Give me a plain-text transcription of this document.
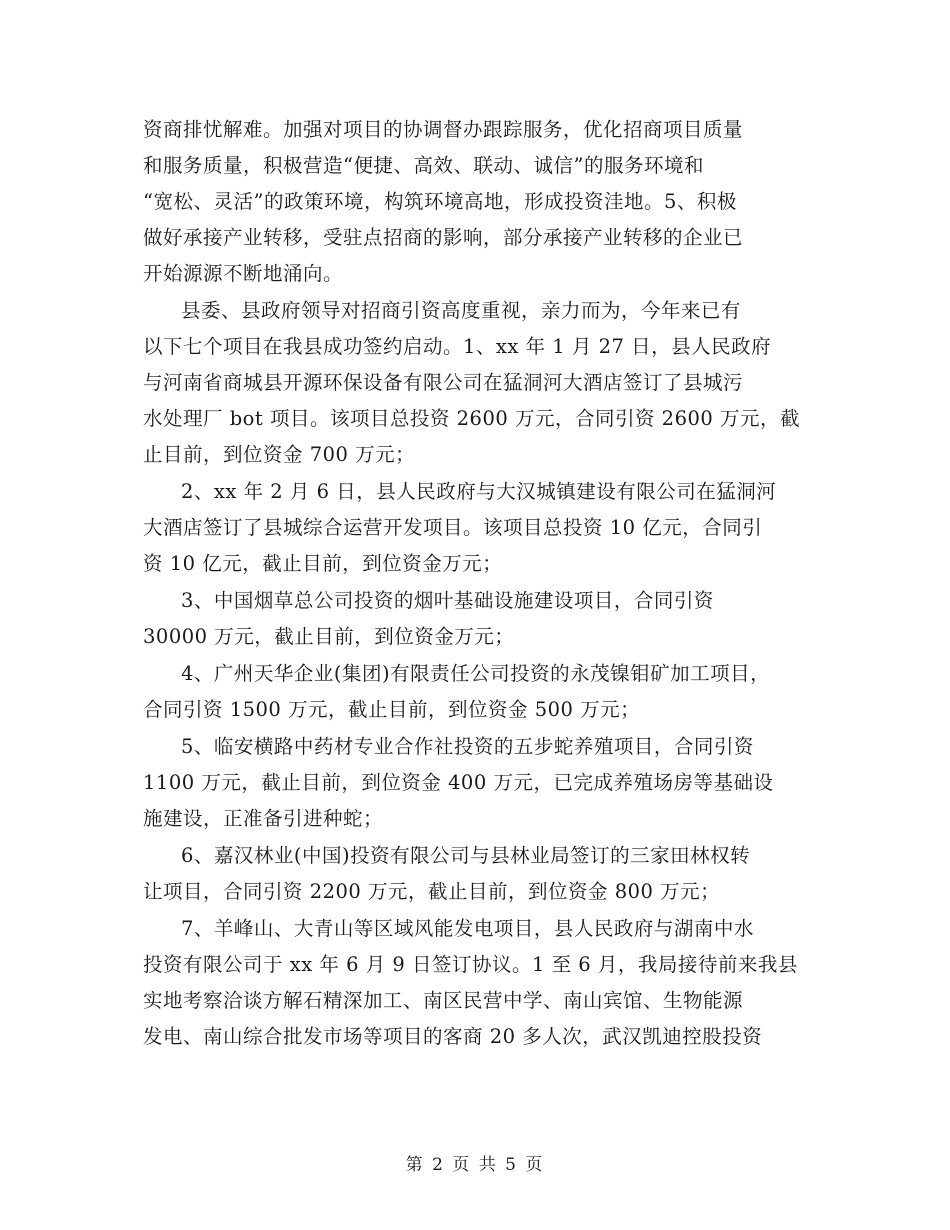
资商排忧解难。加强对项目的协调督办跟踪服务，优化招商项目质量
和服务质量，积极营造“便捷、高效、联动、诚信”的服务环境和
“宽松、灵活”的政策环境，构筑环境高地，形成投资洼地。5、积极
做好承接产业转移，受驻点招商的影响，部分承接产业转移的企业已
开始源源不断地涌向。
县委、县政府领导对招商引资高度重视，亲力而为，今年来已有
以下七个项目在我县成功签约启动。1、xx 年 1 月 27 日，县人民政府
与河南省商城县开源环保设备有限公司在猛洞河大酒店签订了县城污
水处理厂 bot 项目。该项目总投资 2600 万元，合同引资 2600 万元，截
止目前，到位资金 700 万元；
2、xx 年 2 月 6 日，县人民政府与大汉城镇建设有限公司在猛洞河
大酒店签订了县城综合运营开发项目。该项目总投资 10 亿元，合同引
资 10 亿元，截止目前，到位资金万元；
3、中国烟草总公司投资的烟叶基础设施建设项目，合同引资
30000 万元，截止目前，到位资金万元；
4、广州天华企业(集团)有限责任公司投资的永茂镍钼矿加工项目，
合同引资 1500 万元，截止目前，到位资金 500 万元；
5、临安横路中药材专业合作社投资的五步蛇养殖项目，合同引资
1100 万元，截止目前，到位资金 400 万元，已完成养殖场房等基础设
施建设，正准备引进种蛇；
6、嘉汉林业(中国)投资有限公司与县林业局签订的三家田林权转
让项目，合同引资 2200 万元，截止目前，到位资金 800 万元；
7、羊峰山、大青山等区域风能发电项目，县人民政府与湖南中水
投资有限公司于 xx 年 6 月 9 日签订协议。1 至 6 月，我局接待前来我县
实地考察洽谈方解石精深加工、南区民营中学、南山宾馆、生物能源
发电、南山综合批发市场等项目的客商 20 多人次，武汉凯迪控股投资
第 2 页 共 5 页
